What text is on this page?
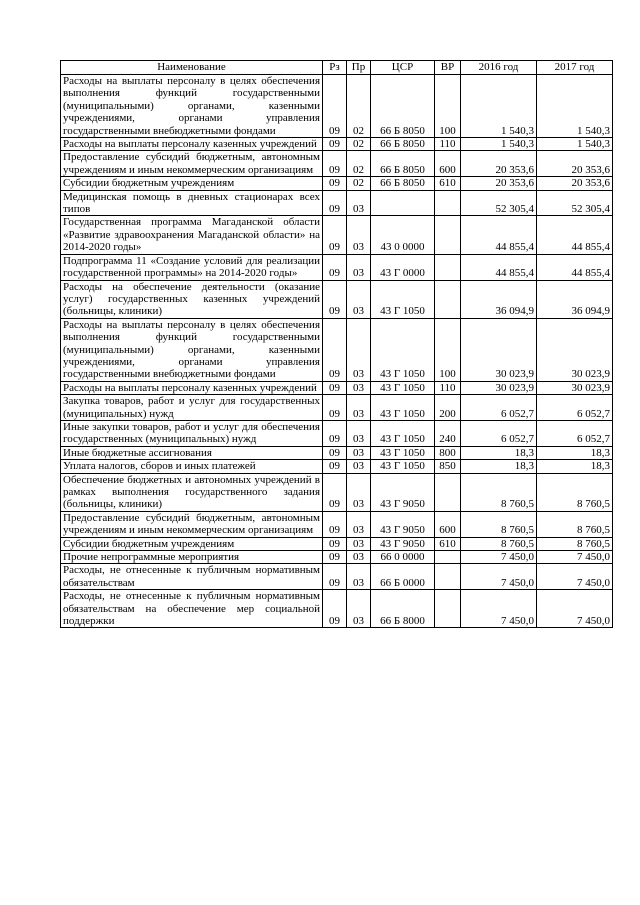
Наименование	Рз	Пр	ЦСР	ВР	2016 год	2017 год
Расходы на выплаты персоналу в целях обеспечения выполнения функций государственными (муниципальными) органами, казенными учреждениями, органами управления государственными внебюджетными фондами	09	02	66 Б 8050	100	1 540,3	1 540,3
Расходы на выплаты персоналу казенных учреждений	09	02	66 Б 8050	110	1 540,3	1 540,3
Предоставление субсидий бюджетным, автономным учреждениям и иным некоммерческим организациям	09	02	66 Б 8050	600	20 353,6	20 353,6
Субсидии бюджетным учреждениям	09	02	66 Б 8050	610	20 353,6	20 353,6
Медицинская помощь в дневных стационарах всех типов	09	03			52 305,4	52 305,4
Государственная программа Магаданской области «Развитие здравоохранения Магаданской области» на 2014-2020 годы»	09	03	43 0 0000		44 855,4	44 855,4
Подпрограмма 11 «Создание условий для реализации государственной программы» на 2014-2020 годы»	09	03	43 Г 0000		44 855,4	44 855,4
Расходы на обеспечение деятельности (оказание услуг) государственных казенных учреждений (больницы, клиники)	09	03	43 Г 1050		36 094,9	36 094,9
Расходы на выплаты персоналу в целях обеспечения выполнения функций государственными (муниципальными) органами, казенными учреждениями, органами управления государственными внебюджетными фондами	09	03	43 Г 1050	100	30 023,9	30 023,9
Расходы на выплаты персоналу казенных учреждений	09	03	43 Г 1050	110	30 023,9	30 023,9
Закупка товаров, работ и услуг для государственных (муниципальных) нужд	09	03	43 Г 1050	200	6 052,7	6 052,7
Иные закупки товаров, работ и услуг для обеспечения государственных (муниципальных) нужд	09	03	43 Г 1050	240	6 052,7	6 052,7
Иные бюджетные ассигнования	09	03	43 Г 1050	800	18,3	18,3
Уплата налогов, сборов и иных платежей	09	03	43 Г 1050	850	18,3	18,3
Обеспечение бюджетных и автономных учреждений в рамках выполнения государственного задания (больницы, клиники)	09	03	43 Г 9050		8 760,5	8 760,5
Предоставление субсидий бюджетным, автономным учреждениям и иным некоммерческим организациям	09	03	43 Г 9050	600	8 760,5	8 760,5
Субсидии бюджетным учреждениям	09	03	43 Г 9050	610	8 760,5	8 760,5
Прочие непрограммные мероприятия	09	03	66 0 0000		7 450,0	7 450,0
Расходы, не отнесенные к публичным нормативным обязательствам	09	03	66 Б 0000		7 450,0	7 450,0
Расходы, не отнесенные к публичным нормативным обязательствам на обеспечение мер социальной поддержки	09	03	66 Б 8000		7 450,0	7 450,0
